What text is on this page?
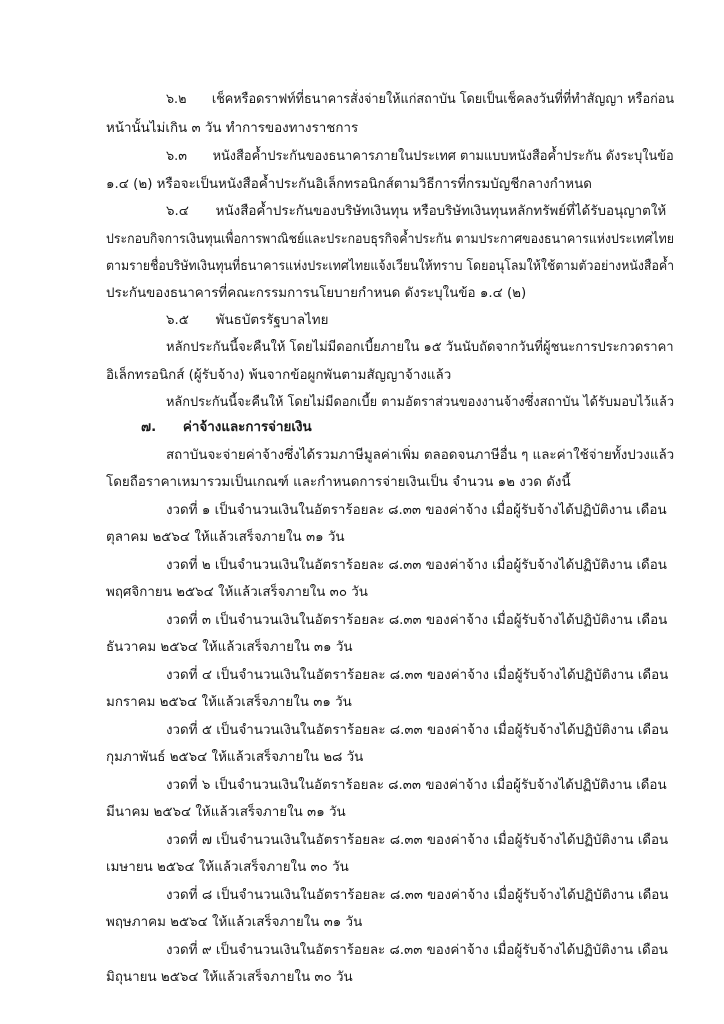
๖.๒  เช็คหรือดราฟท์ที่ธนาคารสั่งจ่ายให้แก่สถาบัน โดยเป็นเช็คลงวันที่ที่ทำสัญญา หรือก่อน
หน้านั้นไม่เกิน ๓ วัน ทำการของทางราชการ
๖.๓  หนังสือค้ำประกันของธนาคารภายในประเทศ ตามแบบหนังสือค้ำประกัน ดังระบุในข้อ
๑.๔ (๒) หรือจะเป็นหนังสือค้ำประกันอิเล็กทรอนิกส์ตามวิธีการที่กรมบัญชีกลางกำหนด
๖.๔  หนังสือค้ำประกันของบริษัทเงินทุน หรือบริษัทเงินทุนหลักทรัพย์ที่ได้รับอนุญาตให้
ประกอบกิจการเงินทุนเพื่อการพาณิชย์และประกอบธุรกิจค้ำประกัน ตามประกาศของธนาคารแห่งประเทศไทย
ตามรายชื่อบริษัทเงินทุนที่ธนาคารแห่งประเทศไทยแจ้งเวียนให้ทราบ โดยอนุโลมให้ใช้ตามตัวอย่างหนังสือค้ำ
ประกันของธนาคารที่คณะกรรมการนโยบายกำหนด ดังระบุในข้อ ๑.๔ (๒)
๖.๕  พันธบัตรรัฐบาลไทย
หลักประกันนี้จะคืนให้ โดยไม่มีดอกเบี้ยภายใน ๑๕ วันนับถัดจากวันที่ผู้ชนะการประกวดราคา
อิเล็กทรอนิกส์ (ผู้รับจ้าง) พ้นจากข้อผูกพันตามสัญญาจ้างแล้ว
หลักประกันนี้จะคืนให้ โดยไม่มีดอกเบี้ย ตามอัตราส่วนของงานจ้างซึ่งสถาบัน ได้รับมอบไว้แล้ว
๗.  ค่าจ้างและการจ่ายเงิน
สถาบันจะจ่ายค่าจ้างซึ่งได้รวมภาษีมูลค่าเพิ่ม ตลอดจนภาษีอื่น ๆ และค่าใช้จ่ายทั้งปวงแล้ว
โดยถือราคาเหมารวมเป็นเกณฑ์ และกำหนดการจ่ายเงินเป็น จำนวน ๑๒ งวด ดังนี้
งวดที่ ๑ เป็นจำนวนเงินในอัตราร้อยละ ๘.๓๓ ของค่าจ้าง เมื่อผู้รับจ้างได้ปฏิบัติงาน เดือน
ตุลาคม ๒๕๖๔ ให้แล้วเสร็จภายใน ๓๑ วัน
งวดที่ ๒ เป็นจำนวนเงินในอัตราร้อยละ ๘.๓๓ ของค่าจ้าง เมื่อผู้รับจ้างได้ปฏิบัติงาน เดือน
พฤศจิกายน ๒๕๖๔ ให้แล้วเสร็จภายใน ๓๐ วัน
งวดที่ ๓ เป็นจำนวนเงินในอัตราร้อยละ ๘.๓๓ ของค่าจ้าง เมื่อผู้รับจ้างได้ปฏิบัติงาน เดือน
ธันวาคม ๒๕๖๔ ให้แล้วเสร็จภายใน ๓๑ วัน
งวดที่ ๔ เป็นจำนวนเงินในอัตราร้อยละ ๘.๓๓ ของค่าจ้าง เมื่อผู้รับจ้างได้ปฏิบัติงาน เดือน
มกราคม ๒๕๖๔ ให้แล้วเสร็จภายใน ๓๑ วัน
งวดที่ ๕ เป็นจำนวนเงินในอัตราร้อยละ ๘.๓๓ ของค่าจ้าง เมื่อผู้รับจ้างได้ปฏิบัติงาน เดือน
กุมภาพันธ์ ๒๕๖๔ ให้แล้วเสร็จภายใน ๒๘ วัน
งวดที่ ๖ เป็นจำนวนเงินในอัตราร้อยละ ๘.๓๓ ของค่าจ้าง เมื่อผู้รับจ้างได้ปฏิบัติงาน เดือน
มีนาคม ๒๕๖๔ ให้แล้วเสร็จภายใน ๓๑ วัน
งวดที่ ๗ เป็นจำนวนเงินในอัตราร้อยละ ๘.๓๓ ของค่าจ้าง เมื่อผู้รับจ้างได้ปฏิบัติงาน เดือน
เมษายน ๒๕๖๔ ให้แล้วเสร็จภายใน ๓๐ วัน
งวดที่ ๘ เป็นจำนวนเงินในอัตราร้อยละ ๘.๓๓ ของค่าจ้าง เมื่อผู้รับจ้างได้ปฏิบัติงาน เดือน
พฤษภาคม ๒๕๖๔ ให้แล้วเสร็จภายใน ๓๑ วัน
งวดที่ ๙ เป็นจำนวนเงินในอัตราร้อยละ ๘.๓๓ ของค่าจ้าง เมื่อผู้รับจ้างได้ปฏิบัติงาน เดือน
มิถุนายน ๒๕๖๔ ให้แล้วเสร็จภายใน ๓๐ วัน
